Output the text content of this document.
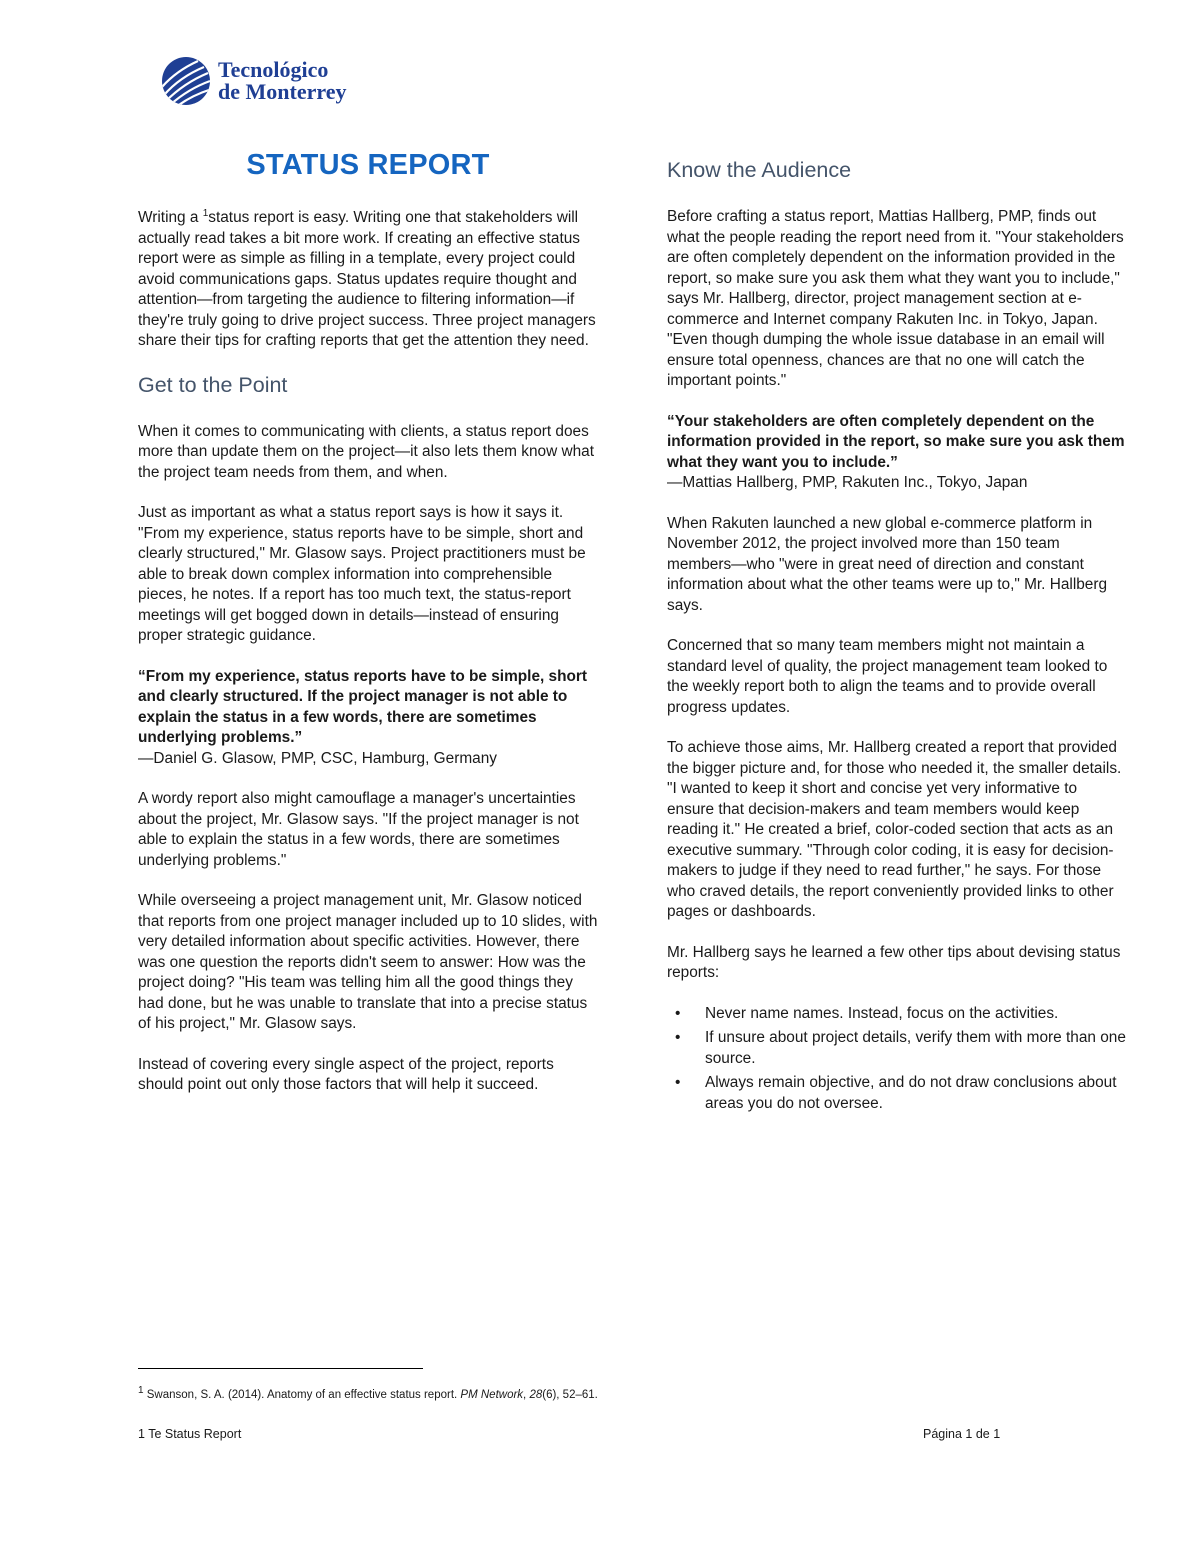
Tecnológico
de Monterrey
STATUS REPORT

Writing a $^1$status report is easy. Writing one that stakeholders will actually read takes a bit more work. If creating an effective status report were as simple as filling in a template, every project could avoid communications gaps. Status updates require thought and attention—from targeting the audience to filtering information—if they're truly going to drive project success. Three project managers share their tips for crafting reports that get the attention they need.

Get to the Point

When it comes to communicating with clients, a status report does more than update them on the project—it also lets them know what the project team needs from them, and when.

Just as important as what a status report says is how it says it. "From my experience, status reports have to be simple, short and clearly structured," Mr. Glasow says. Project practitioners must be able to break down complex information into comprehensible pieces, he notes. If a report has too much text, the status-report meetings will get bogged down in details—instead of ensuring proper strategic guidance.

“From my experience, status reports have to be simple, short and clearly structured. If the project manager is not able to explain the status in a few words, there are sometimes underlying problems.”
—Daniel G. Glasow, PMP, CSC, Hamburg, Germany

A wordy report also might camouflage a manager's uncertainties about the project, Mr. Glasow says. "If the project manager is not able to explain the status in a few words, there are sometimes underlying problems."

While overseeing a project management unit, Mr. Glasow noticed that reports from one project manager included up to 10 slides, with very detailed information about specific activities. However, there was one question the reports didn't seem to answer: How was the project doing? "His team was telling him all the good things they had done, but he was unable to translate that into a precise status of his project," Mr. Glasow says.

Instead of covering every single aspect of the project, reports should point out only those factors that will help it succeed.

Know the Audience

Before crafting a status report, Mattias Hallberg, PMP, finds out what the people reading the report need from it. "Your stakeholders are often completely dependent on the information provided in the report, so make sure you ask them what they want you to include," says Mr. Hallberg, director, project management section at e-commerce and Internet company Rakuten Inc. in Tokyo, Japan. "Even though dumping the whole issue database in an email will ensure total openness, chances are that no one will catch the important points."

“Your stakeholders are often completely dependent on the information provided in the report, so make sure you ask them what they want you to include.”
—Mattias Hallberg, PMP, Rakuten Inc., Tokyo, Japan

When Rakuten launched a new global e-commerce platform in November 2012, the project involved more than 150 team members—who "were in great need of direction and constant information about what the other teams were up to," Mr. Hallberg says.

Concerned that so many team members might not maintain a standard level of quality, the project management team looked to the weekly report both to align the teams and to provide overall progress updates.

To achieve those aims, Mr. Hallberg created a report that provided the bigger picture and, for those who needed it, the smaller details. "I wanted to keep it short and concise yet very informative to ensure that decision-makers and team members would keep reading it." He created a brief, color-coded section that acts as an executive summary. "Through color coding, it is easy for decision-makers to judge if they need to read further," he says. For those who craved details, the report conveniently provided links to other pages or dashboards.

Mr. Hallberg says he learned a few other tips about devising status reports:

• Never name names. Instead, focus on the activities.
• If unsure about project details, verify them with more than one source.
• Always remain objective, and do not draw conclusions about areas you do not oversee.
$^1$ Swanson, S. A. (2014). Anatomy of an effective status report. PM Network, 28(6), 52–61.
1 Te Status Report	Página 1 de 1
